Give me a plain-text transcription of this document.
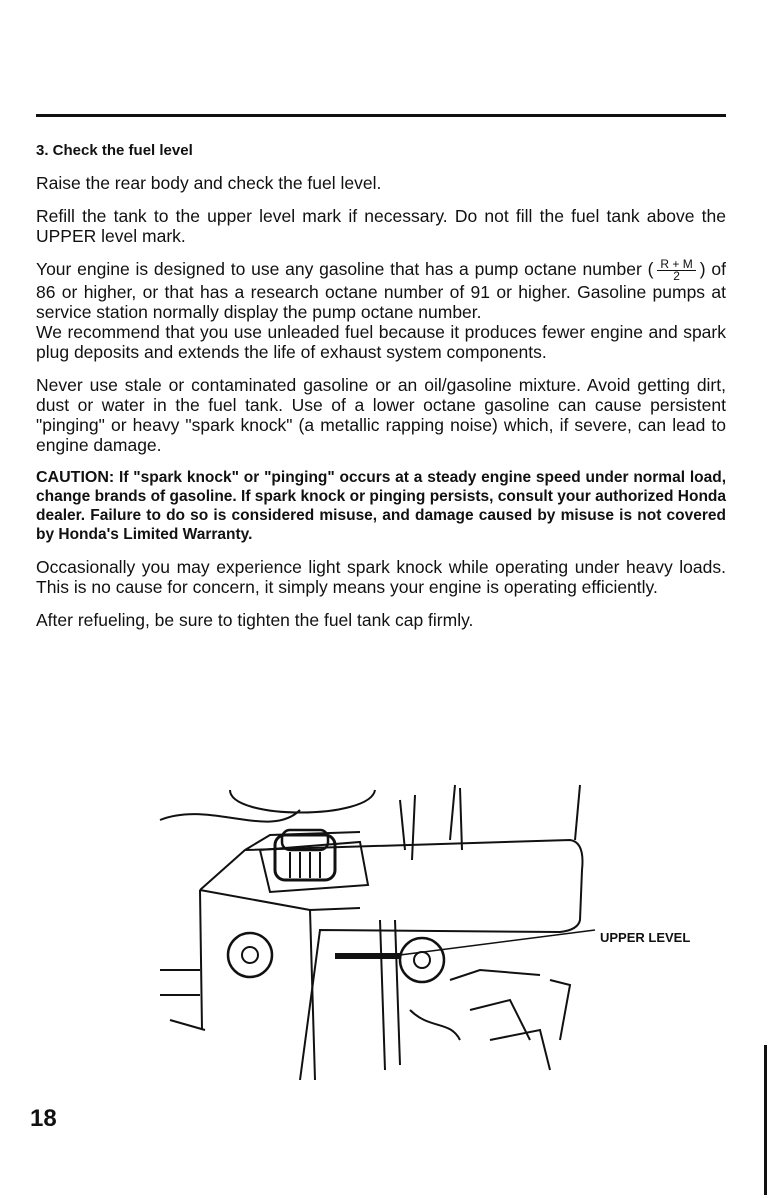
3. Check the fuel level

Raise the rear body and check the fuel level.

Refill the tank to the upper level mark if necessary. Do not fill the fuel tank above the UPPER level mark.

Your engine is designed to use any gasoline that has a pump octane number ( $\frac{R + M}{2}$ ) of 86 or higher, or that has a research octane number of 91 or higher. Gasoline pumps at service station normally display the pump octane number.

We recommend that you use unleaded fuel because it produces fewer engine and spark plug deposits and extends the life of exhaust system components.

Never use stale or contaminated gasoline or an oil/gasoline mixture. Avoid getting dirt, dust or water in the fuel tank. Use of a lower octane gasoline can cause persistent "pinging" or heavy "spark knock" (a metallic rapping noise) which, if severe, can lead to engine damage.

CAUTION: If "spark knock" or "pinging" occurs at a steady engine speed under normal load, change brands of gasoline. If spark knock or pinging persists, consult your authorized Honda dealer. Failure to do so is considered misuse, and damage caused by misuse is not covered by Honda's Limited Warranty.

Occasionally you may experience light spark knock while operating under heavy loads. This is no cause for concern, it simply means your engine is operating efficiently.

After refueling, be sure to tighten the fuel tank cap firmly.

UPPER LEVEL
18
